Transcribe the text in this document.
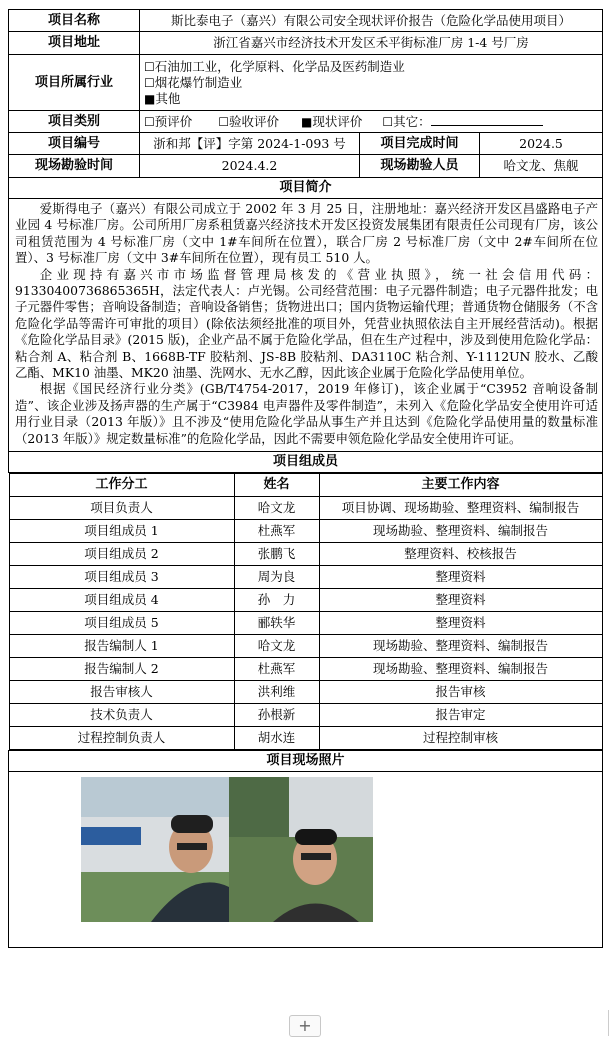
项目名称	斯比泰电子（嘉兴）有限公司安全现状评价报告（危险化学品使用项目）
项目地址	浙江省嘉兴市经济技术开发区禾平街标准厂房 1-4 号厂房
项目所属行业	
☐石油加工业，化学原料、化学品及医药制造业
☐烟花爆竹制造业
■其他

项目类别	☐预评价 ☐验收评价 ■现状评价 ☐其它：
项目编号	浙和邦【评】字第 2024-1-093 号	项目完成时间	2024.5
现场勘验时间	2024.4.2	现场勘验人员	哈文龙、焦舰
项目简介

爱斯得电子（嘉兴）有限公司成立于 2002 年 3 月 25 日，注册地址：嘉兴经济开发区昌盛路电子产业园 4 号标准厂房。公司所用厂房系租赁嘉兴经济技术开发区投资发展集团有限责任公司现有厂房，该公司租赁范围为 4 号标准厂房（文中 1#车间所在位置），联合厂房 2 号标准厂房（文中 2#车间所在位置）、3 号标准厂房（文中 3#车间所在位置），现有员工 510 人。

企业现持有嘉兴市市场监督管理局核发的《营业执照》，统一社会信用代码：91330400736865365H，法定代表人：卢光锡。公司经营范围：电子元器件制造；电子元器件批发；电子元器件零售；音响设备制造；音响设备销售；货物进出口；国内货物运输代理；普通货物仓储服务（不含危险化学品等需许可审批的项目）(除依法须经批准的项目外，凭营业执照依法自主开展经营活动)。根据《危险化学品目录》(2015 版)，企业产品不属于危险化学品，但在生产过程中，涉及到使用危险化学品：粘合剂 A、粘合剂 B、1668B-TF 胶粘剂、JS-8B 胶粘剂、DA3110C 粘合剂、Y-1112UN 胶水、乙酸乙酯、MK10 油墨、MK20 油墨、洗网水、无水乙醇，因此该企业属于危险化学品使用单位。

根据《国民经济行业分类》(GB/T4754-2017，2019 年修订)，该企业属于“C3952 音响设备制造”、该企业涉及扬声器的生产属于“C3984 电声器件及零件制造”，未列入《危险化学品安全使用许可适用行业目录（2013 年版）》且不涉及“使用危险化学品从事生产并且达到《危险化学品使用量的数量标准（2013 年版）》规定数量标准”的危险化学品，因此不需要申领危险化学品安全使用许可证。

项目组成员

工作分工	姓名	主要工作内容
项目负责人	哈文龙	项目协调、现场勘验、整理资料、编制报告
项目组成员 1	杜燕军	现场勘验、整理资料、编制报告
项目组成员 2	张鹏飞	整理资料、校核报告
项目组成员 3	周为良	整理资料
项目组成员 4	孙　力	整理资料
项目组成员 5	郦轶华	整理资料
报告编制人 1	哈文龙	现场勘验、整理资料、编制报告
报告编制人 2	杜燕军	现场勘验、整理资料、编制报告
报告审核人	洪利维	报告审核
技术负责人	孙根新	报告审定
过程控制负责人	胡水连	过程控制审核

项目现场照片

+
